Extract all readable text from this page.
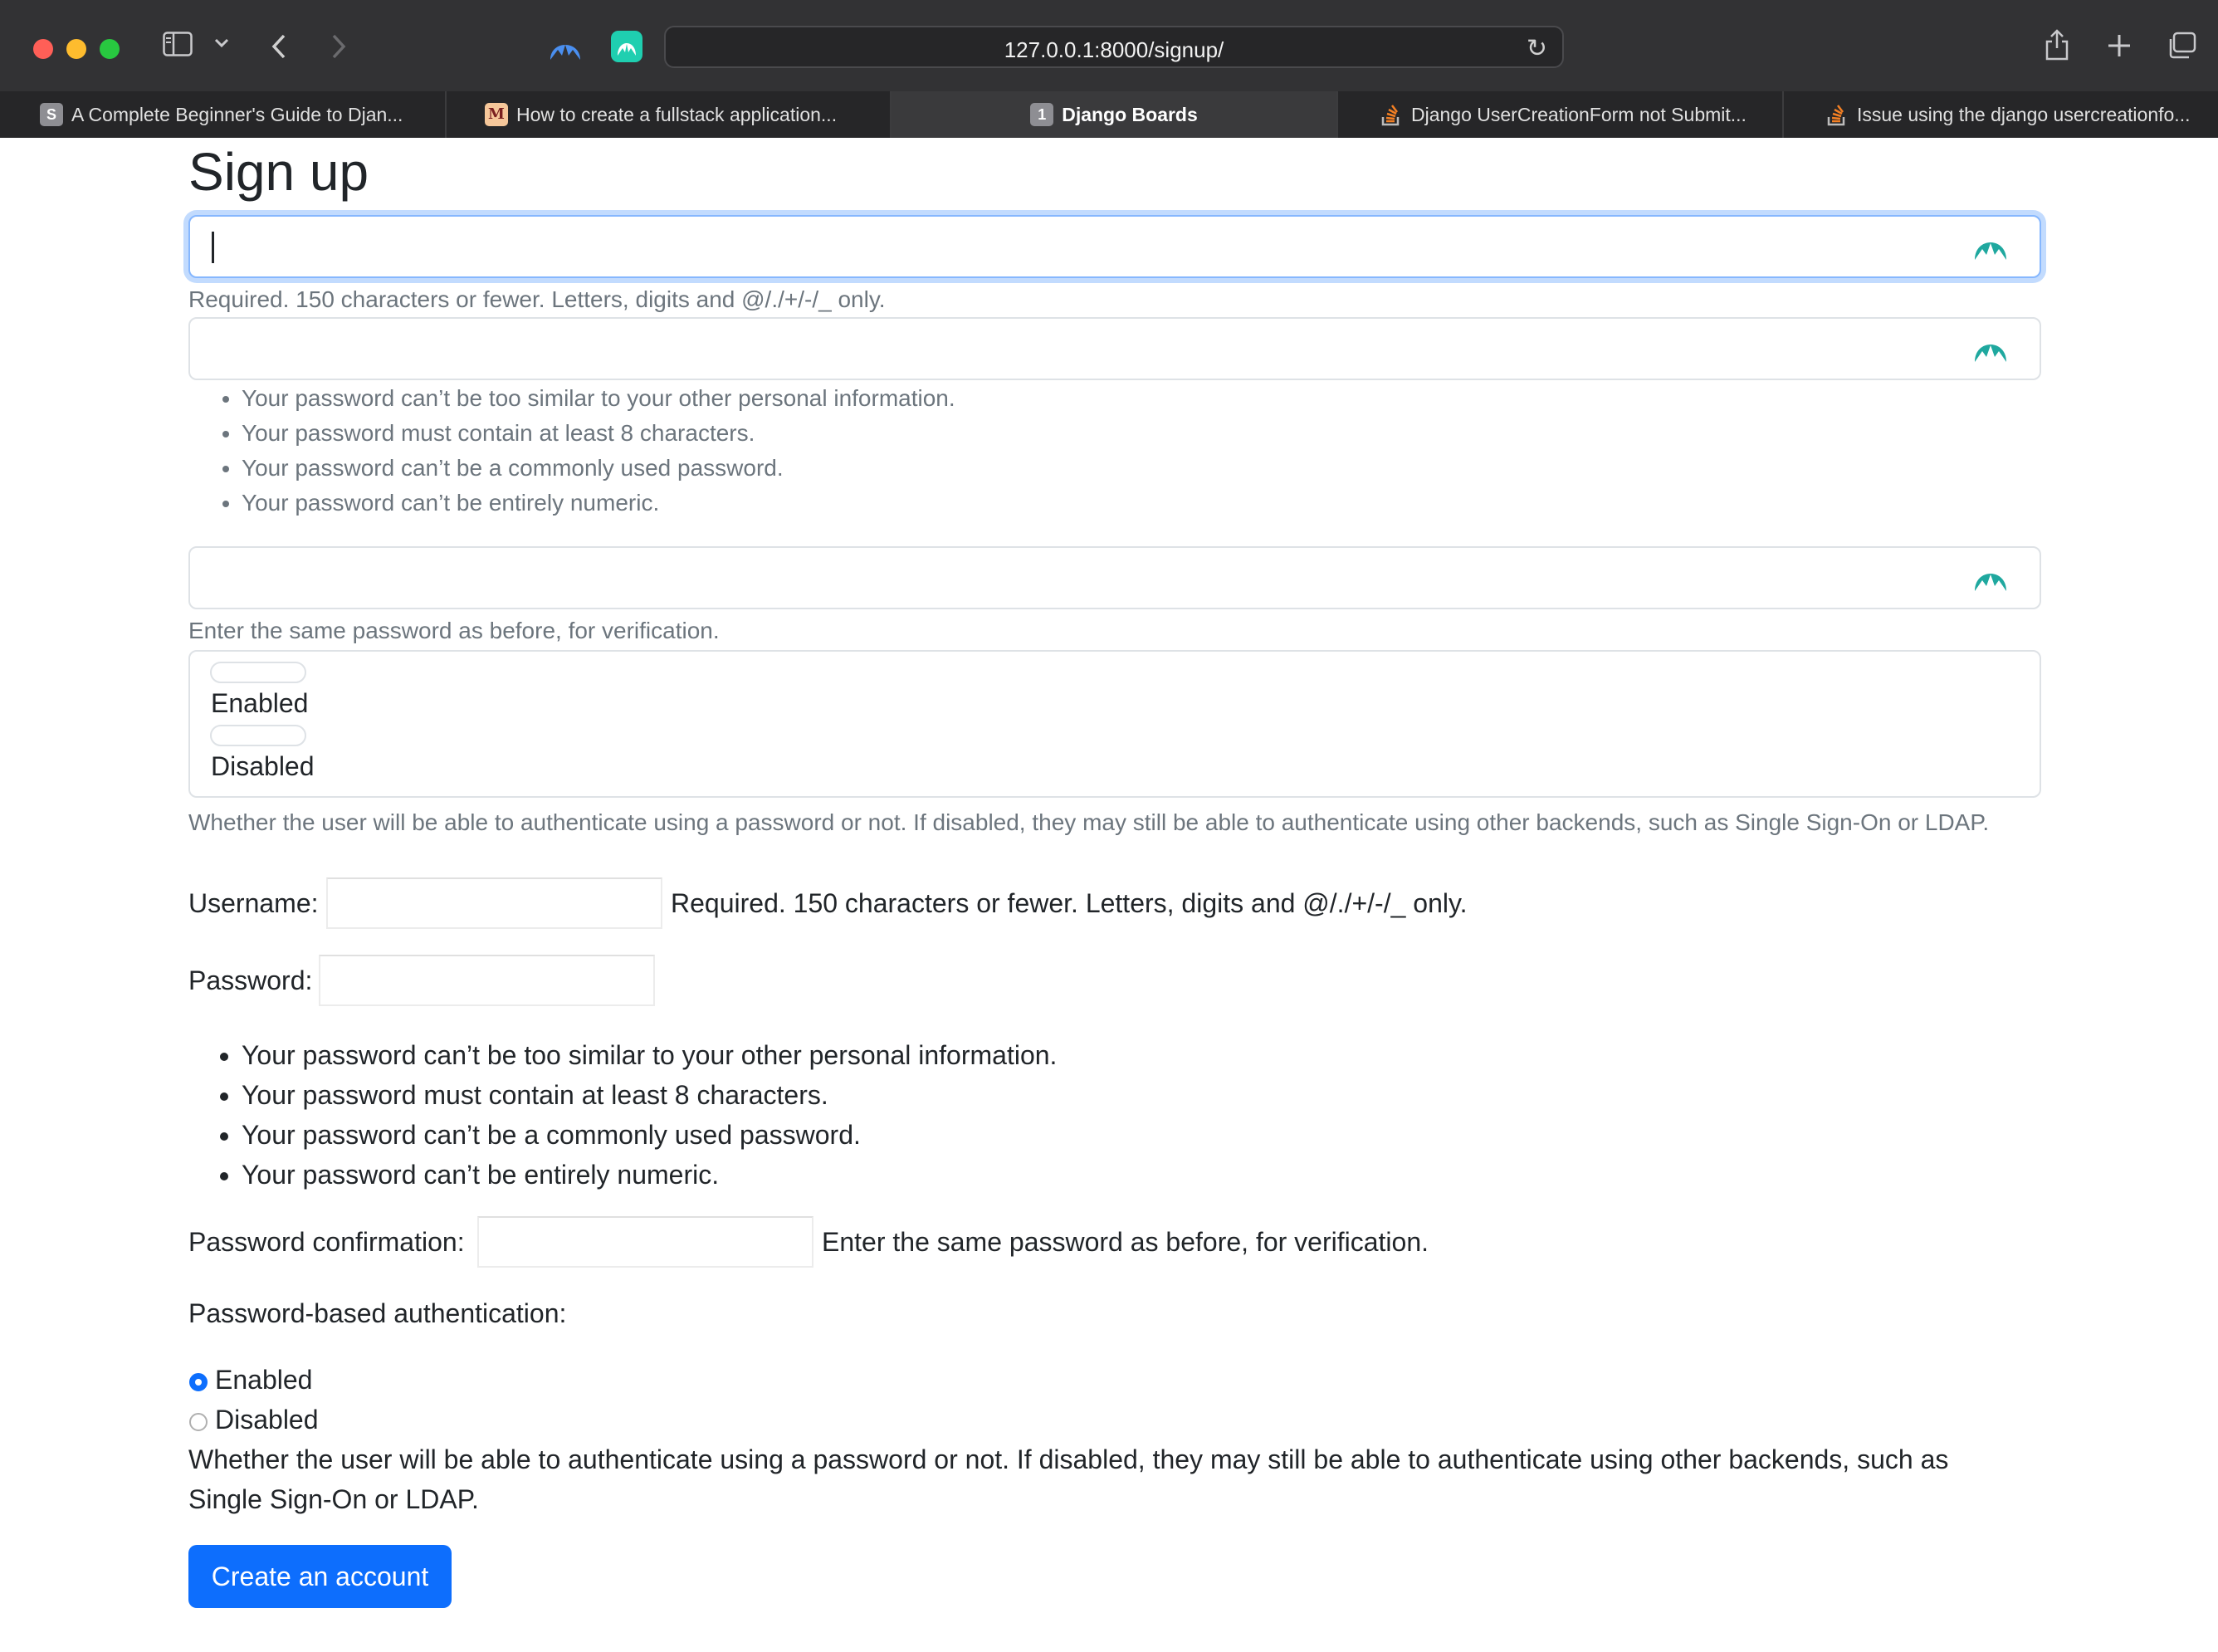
127.0.0.1:8000/signup/	↻
S A Complete Beginner's Guide to Djan...	M How to create a fullstack application...	1 Django Boards	Django UserCreationForm not Submit...	Issue using the django usercreationfo...
Sign up
Required. 150 characters or fewer. Letters, digits and @/./+/-/_ only.
• Your password can’t be too similar to your other personal information.
• Your password must contain at least 8 characters.
• Your password can’t be a commonly used password.
• Your password can’t be entirely numeric.
Enter the same password as before, for verification.
Enabled
Disabled
Whether the user will be able to authenticate using a password or not. If disabled, they may still be able to authenticate using other backends, such as Single Sign-On or LDAP.
Username:	Required. 150 characters or fewer. Letters, digits and @/./+/-/_ only.
Password:
• Your password can’t be too similar to your other personal information.
• Your password must contain at least 8 characters.
• Your password can’t be a commonly used password.
• Your password can’t be entirely numeric.
Password confirmation:	Enter the same password as before, for verification.
Password-based authentication:
Enabled
Disabled
Whether the user will be able to authenticate using a password or not. If disabled, they may still be able to authenticate using other backends, such as
Single Sign-On or LDAP.
Create an account
